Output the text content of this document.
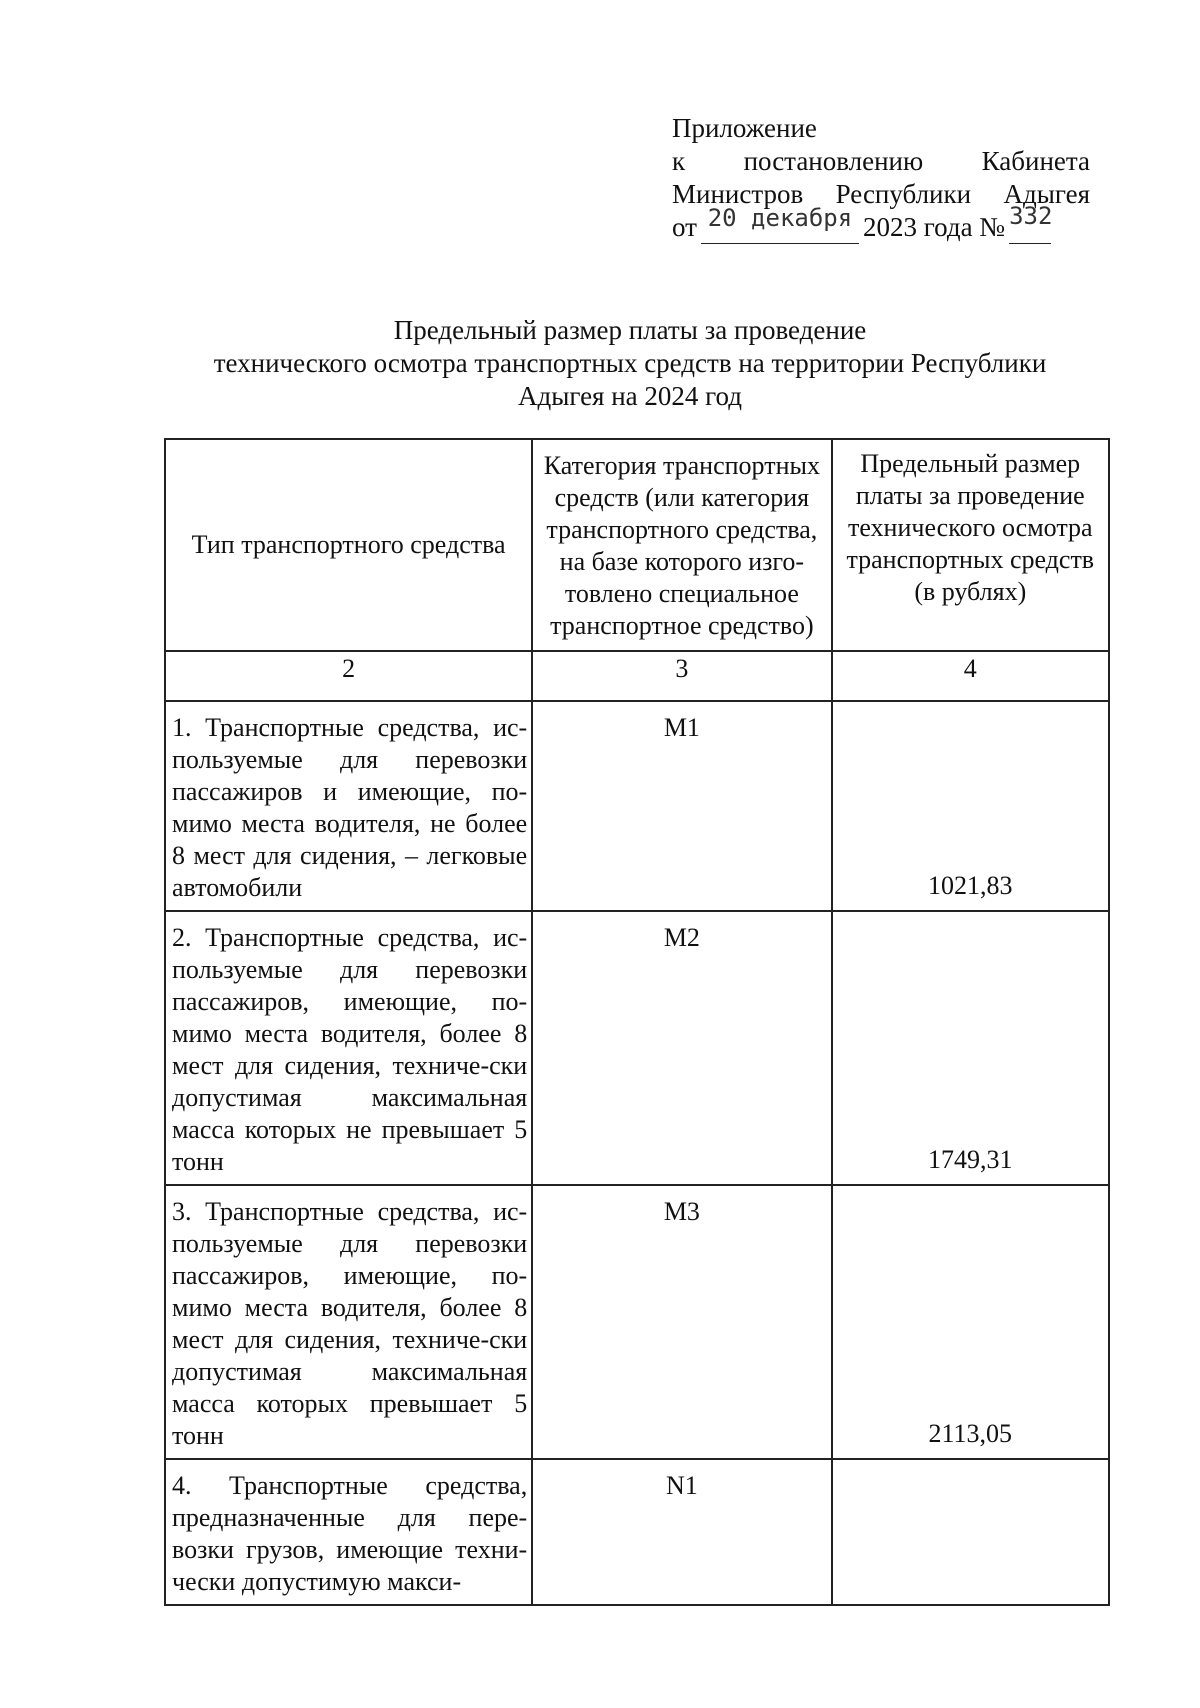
Приложение
к постановлению Кабинета
Министров Республики Адыгея
от 20 декабря 2023 года № 332
Предельный размер платы за проведение
технического осмотра транспортных средств на территории Республики
Адыгея на 2024 год
Тип транспортного средства	Категория транспортных средств (или категория транспортного средства, на базе которого изго-товлено специальное транспортное средство)	Предельный размер платы за проведение технического осмотра транспортных средств (в рублях)
2	3	4
1. Транспортные средства, ис-пользуемые для перевозки пассажиров и имеющие, по-мимо места водителя, не более 8 мест для сидения, – легковые автомобили	M1	1021,83
2. Транспортные средства, ис-пользуемые для перевозки пассажиров, имеющие, по-мимо места водителя, более 8 мест для сидения, техниче-ски допустимая максимальная масса которых не превышает 5 тонн	M2	1749,31
3. Транспортные средства, ис-пользуемые для перевозки пассажиров, имеющие, по-мимо места водителя, более 8 мест для сидения, техниче-ски допустимая максимальная масса которых превышает 5 тонн	M3	2113,05
4. Транспортные средства, предназначенные для пере-возки грузов, имеющие техни-чески допустимую макси-	N1	
